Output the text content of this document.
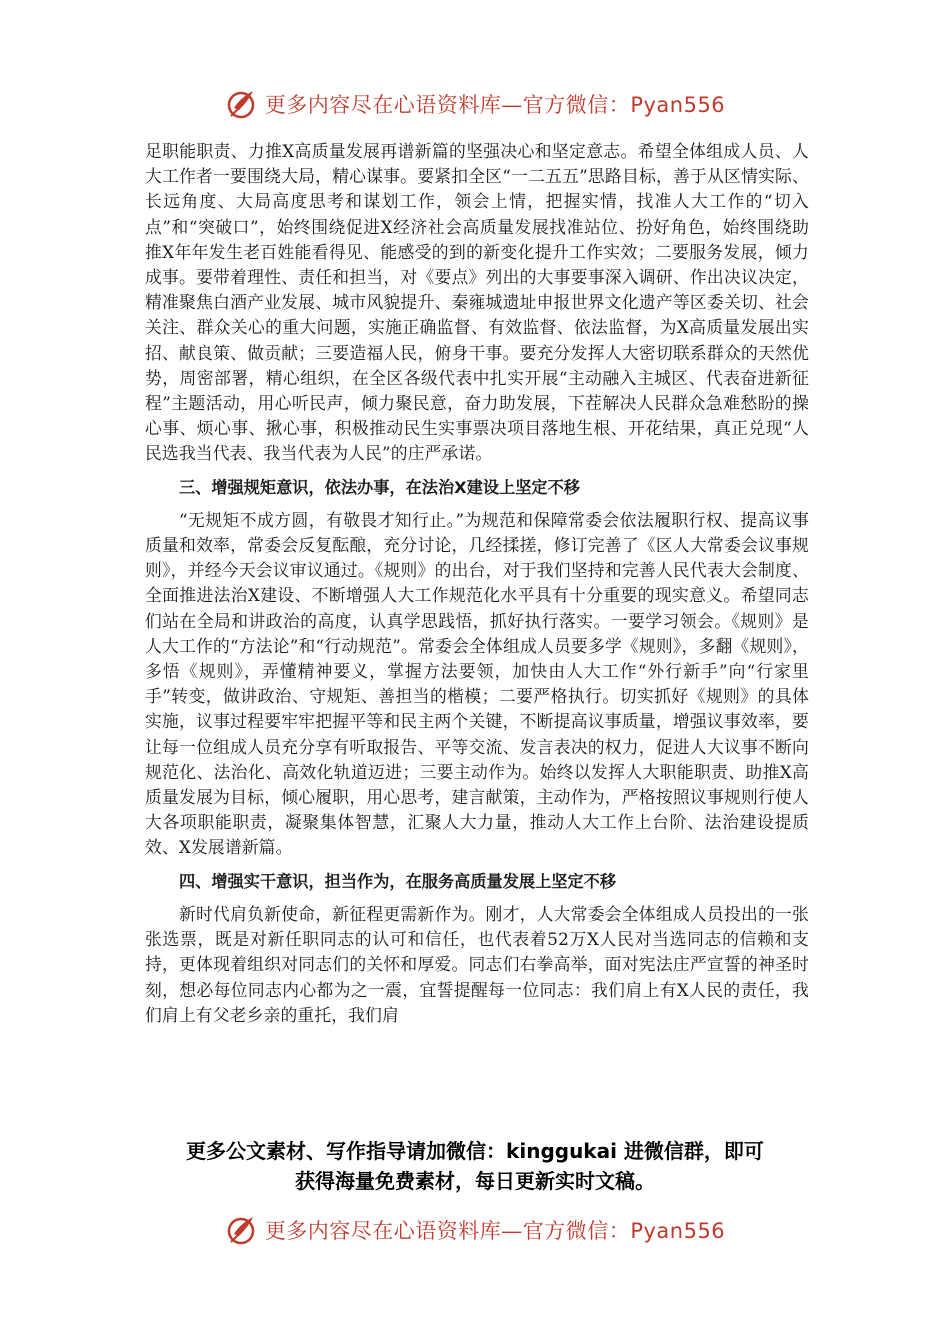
更多内容尽在心语资料库—官方微信：Pyan556

足职能职责、力推X高质量发展再谱新篇的坚强决心和坚定意志。希望全体组成人员、人大工作者一要围绕大局，精心谋事。要紧扣全区“一二五五”思路目标，善于从区情实际、长远角度、大局高度思考和谋划工作，领会上情，把握实情，找准人大工作的“切入点”和“突破口”，始终围绕促进X经济社会高质量发展找准站位、扮好角色，始终围绕助推X年年发生老百姓能看得见、能感受的到的新变化提升工作实效；二要服务发展，倾力成事。要带着理性、责任和担当，对《要点》列出的大事要事深入调研、作出决议决定，精准聚焦白酒产业发展、城市风貌提升、秦雍城遗址申报世界文化遗产等区委关切、社会关注、群众关心的重大问题，实施正确监督、有效监督、依法监督，为X高质量发展出实招、献良策、做贡献；三要造福人民，俯身干事。要充分发挥人大密切联系群众的天然优势，周密部署，精心组织，在全区各级代表中扎实开展“主动融入主城区、代表奋进新征程”主题活动，用心听民声，倾力聚民意，奋力助发展，下茬解决人民群众急难愁盼的操心事、烦心事、揪心事，积极推动民生实事票决项目落地生根、开花结果，真正兑现“人民选我当代表、我当代表为人民”的庄严承诺。

三、增强规矩意识，依法办事，在法治X建设上坚定不移

“无规矩不成方圆，有敬畏才知行止。”为规范和保障常委会依法履职行权、提高议事质量和效率，常委会反复酝酿，充分讨论，几经揉搓，修订完善了《区人大常委会议事规则》，并经今天会议审议通过。《规则》的出台，对于我们坚持和完善人民代表大会制度、全面推进法治X建设、不断增强人大工作规范化水平具有十分重要的现实意义。希望同志们站在全局和讲政治的高度，认真学思践悟，抓好执行落实。一要学习领会。《规则》是人大工作的“方法论”和“行动规范”。常委会全体组成人员要多学《规则》，多翻《规则》，多悟《规则》，弄懂精神要义，掌握方法要领，加快由人大工作“外行新手”向“行家里手”转变，做讲政治、守规矩、善担当的楷模；二要严格执行。切实抓好《规则》的具体实施，议事过程要牢牢把握平等和民主两个关键，不断提高议事质量，增强议事效率，要让每一位组成人员充分享有听取报告、平等交流、发言表决的权力，促进人大议事不断向规范化、法治化、高效化轨道迈进；三要主动作为。始终以发挥人大职能职责、助推X高质量发展为目标，倾心履职，用心思考，建言献策，主动作为，严格按照议事规则行使人大各项职能职责，凝聚集体智慧，汇聚人大力量，推动人大工作上台阶、法治建设提质效、X发展谱新篇。

四、增强实干意识，担当作为，在服务高质量发展上坚定不移

新时代肩负新使命，新征程更需新作为。刚才，人大常委会全体组成人员投出的一张张选票，既是对新任职同志的认可和信任，也代表着52万X人民对当选同志的信赖和支持，更体现着组织对同志们的关怀和厚爱。同志们右拳高举，面对宪法庄严宣誓的神圣时刻，想必每位同志内心都为之一震，宜誓提醒每一位同志：我们肩上有X人民的责任，我们肩上有父老乡亲的重托，我们肩

更多公文素材、写作指导请加微信：kinggukai 进微信群，即可
获得海量免费素材，每日更新实时文稿。
更多内容尽在心语资料库—官方微信：Pyan556
